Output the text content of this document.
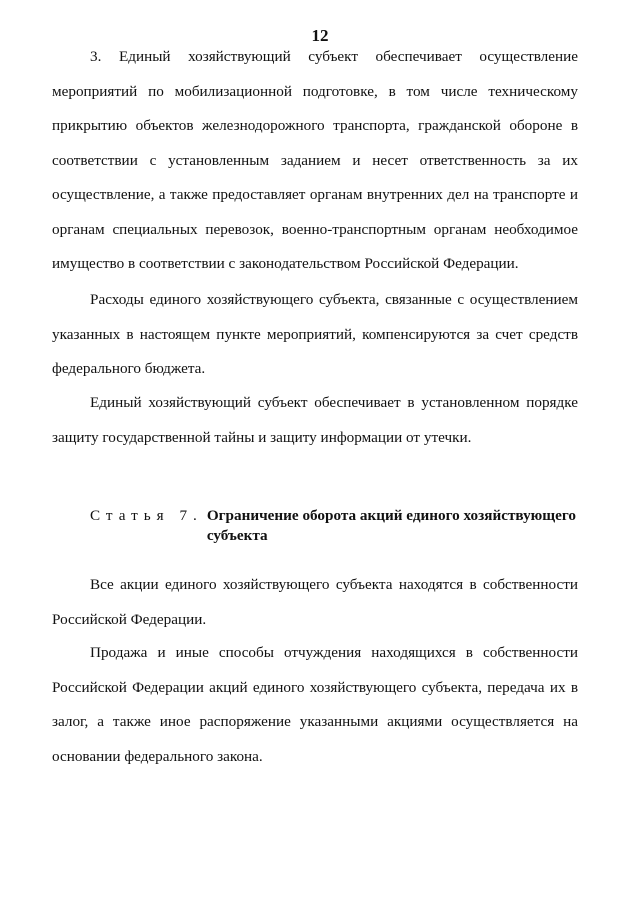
12

3. Единый хозяйствующий субъект обеспечивает осуществление мероприятий по мобилизационной подготовке, в том числе техническому прикрытию объектов железнодорожного транспорта, гражданской обороне в соответствии с установленным заданием и несет ответственность за их осуществление, а также предоставляет органам внутренних дел на транспорте и органам специальных перевозок, военно-транспортным органам необходимое имущество в соответствии с законодательством Российской Федерации.

Расходы единого хозяйствующего субъекта, связанные с осуществлением указанных в настоящем пункте мероприятий, компенсируются за счет средств федерального бюджета.

Единый хозяйствующий субъект обеспечивает в установленном порядке защиту государственной тайны и защиту информации от утечки.

Статья 7. Ограничение оборота акций единого хозяйствующего субъекта

Все акции единого хозяйствующего субъекта находятся в собственности Российской Федерации.

Продажа и иные способы отчуждения находящихся в собственности Российской Федерации акций единого хозяйствующего субъекта, передача их в залог, а также иное распоряжение указанными акциями осуществляется на основании федерального закона.
